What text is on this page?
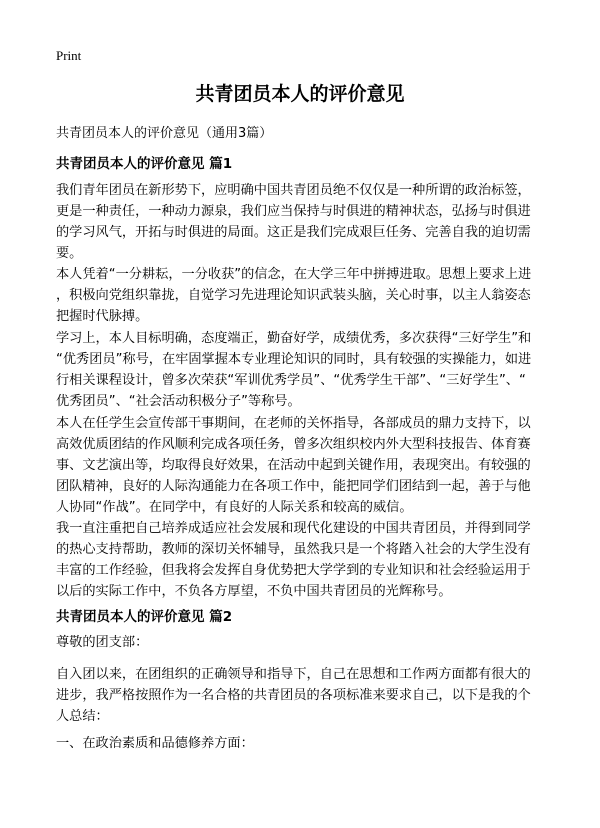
Print
共青团员本人的评价意见
共青团员本人的评价意见（通用3篇）
共青团员本人的评价意见 篇1

我们青年团员在新形势下，应明确中国共青团员绝不仅仅是一种所谓的政治标签，
更是一种责任，一种动力源泉，我们应当保持与时俱进的精神状态，弘扬与时俱进
的学习风气，开拓与时俱进的局面。这正是我们完成艰巨任务、完善自我的迫切需
要。

本人凭着“一分耕耘，一分收获”的信念，在大学三年中拼搏进取。思想上要求上进
，积极向党组织靠拢，自觉学习先进理论知识武装头脑，关心时事，以主人翁姿态
把握时代脉搏。

学习上，本人目标明确，态度端正，勤奋好学，成绩优秀，多次获得“三好学生”和
“优秀团员”称号，在牢固掌握本专业理论知识的同时，具有较强的实操能力，如进
行相关课程设计，曾多次荣获“军训优秀学员”、“优秀学生干部”、“三好学生”、“
优秀团员”、“社会活动积极分子”等称号。

本人在任学生会宣传部干事期间，在老师的关怀指导，各部成员的鼎力支持下，以
高效优质团结的作风顺利完成各项任务，曾多次组织校内外大型科技报告、体育赛
事、文艺演出等，均取得良好效果，在活动中起到关键作用，表现突出。有较强的
团队精神，良好的人际沟通能力在各项工作中，能把同学们团结到一起，善于与他
人协同“作战”。在同学中，有良好的人际关系和较高的威信。

我一直注重把自己培养成适应社会发展和现代化建设的中国共青团员，并得到同学
的热心支持帮助，教师的深切关怀辅导，虽然我只是一个将踏入社会的大学生没有
丰富的工作经验，但我将会发挥自身优势把大学学到的专业知识和社会经验运用于
以后的实际工作中，不负各方厚望，不负中国共青团员的光辉称号。

共青团员本人的评价意见 篇2

尊敬的团支部：

自入团以来，在团组织的正确领导和指导下，自己在思想和工作两方面都有很大的
进步，我严格按照作为一名合格的共青团员的各项标准来要求自己，以下是我的个
人总结：

一、在政治素质和品德修养方面：
